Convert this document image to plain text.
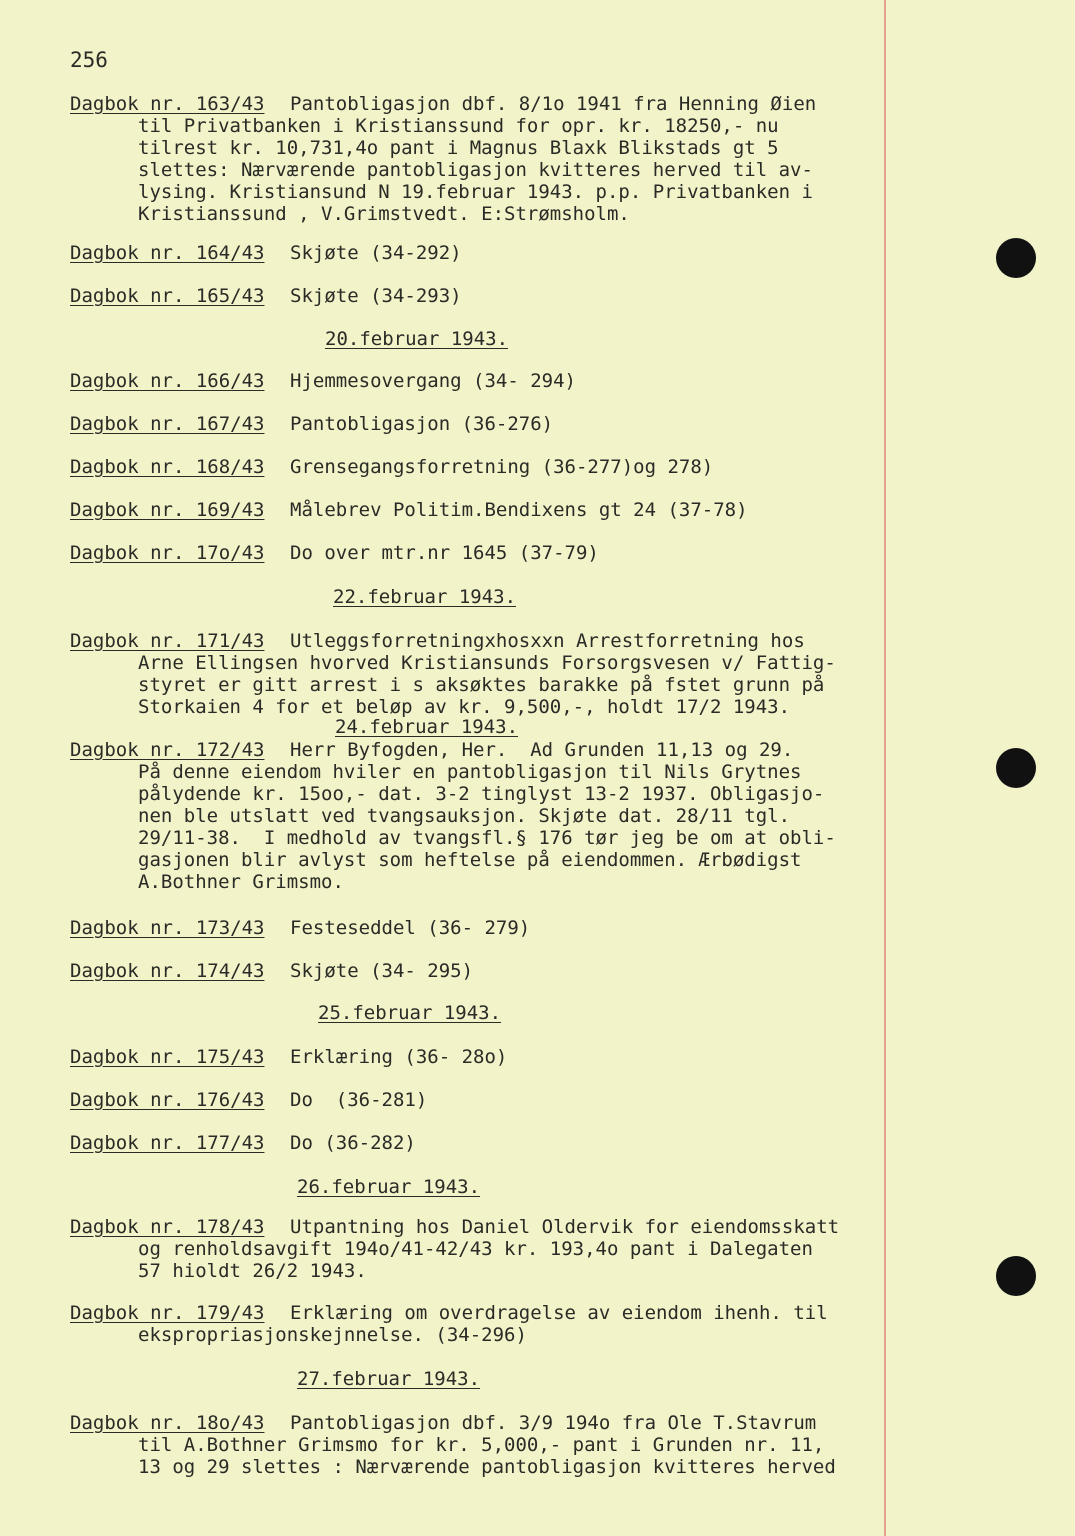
256
Dagbok nr. 163/43 Pantobligasjon dbf. 8/1o 1941 fra Henning Øien
til Privatbanken i Kristianssund for opr. kr. 18250,- nu
tilrest kr. 10,731,4o pant i Magnus Blaxk Blikstads gt 5
slettes: Nærværende pantobligasjon kvitteres herved til av-
lysing. Kristiansund N 19.februar 1943. p.p. Privatbanken i
Kristianssund , V.Grimstvedt. E:Strømsholm.
Dagbok nr. 164/43 Skjøte (34-292)
Dagbok nr. 165/43 Skjøte (34-293)
20.februar 1943.
Dagbok nr. 166/43 Hjemmesovergang (34- 294)
Dagbok nr. 167/43 Pantobligasjon (36-276)
Dagbok nr. 168/43 Grensegangsforretning (36-277)og 278)
Dagbok nr. 169/43 Målebrev Politim.Bendixens gt 24 (37-78)
Dagbok nr. 17o/43 Do over mtr.nr 1645 (37-79)
22.februar 1943.
Dagbok nr. 171/43 Utleggsforretningxhosxxn Arrestforretning hos
Arne Ellingsen hvorved Kristiansunds Forsorgsvesen v/ Fattig-
styret er gitt arrest i s aksøktes barakke på fstet grunn på
Storkaien 4 for et beløp av kr. 9,500,-, holdt 17/2 1943.
24.februar 1943.
Dagbok nr. 172/43 Herr Byfogden, Her.  Ad Grunden 11,13 og 29.
På denne eiendom hviler en pantobligasjon til Nils Grytnes
pålydende kr. 15oo,- dat. 3-2 tinglyst 13-2 1937. Obligasjo-
nen ble utslatt ved tvangsauksjon. Skjøte dat. 28/11 tgl.
29/11-38.  I medhold av tvangsfl.§ 176 tør jeg be om at obli-
gasjonen blir avlyst som heftelse på eiendommen. Ærbødigst
A.Bothner Grimsmo.
Dagbok nr. 173/43 Festeseddel (36- 279)
Dagbok nr. 174/43 Skjøte (34- 295)
25.februar 1943.
Dagbok nr. 175/43 Erklæring (36- 28o)
Dagbok nr. 176/43 Do  (36-281)
Dagbok nr. 177/43 Do (36-282)
26.februar 1943.
Dagbok nr. 178/43 Utpantning hos Daniel Oldervik for eiendomsskatt
og renholdsavgift 194o/41-42/43 kr. 193,4o pant i Dalegaten
57 hioldt 26/2 1943.
Dagbok nr. 179/43 Erklæring om overdragelse av eiendom ihenh. til
ekspropriasjonskejnnelse. (34-296)
27.februar 1943.
Dagbok nr. 18o/43 Pantobligasjon dbf. 3/9 194o fra Ole T.Stavrum
til A.Bothner Grimsmo for kr. 5,000,- pant i Grunden nr. 11,
13 og 29 slettes : Nærværende pantobligasjon kvitteres herved
